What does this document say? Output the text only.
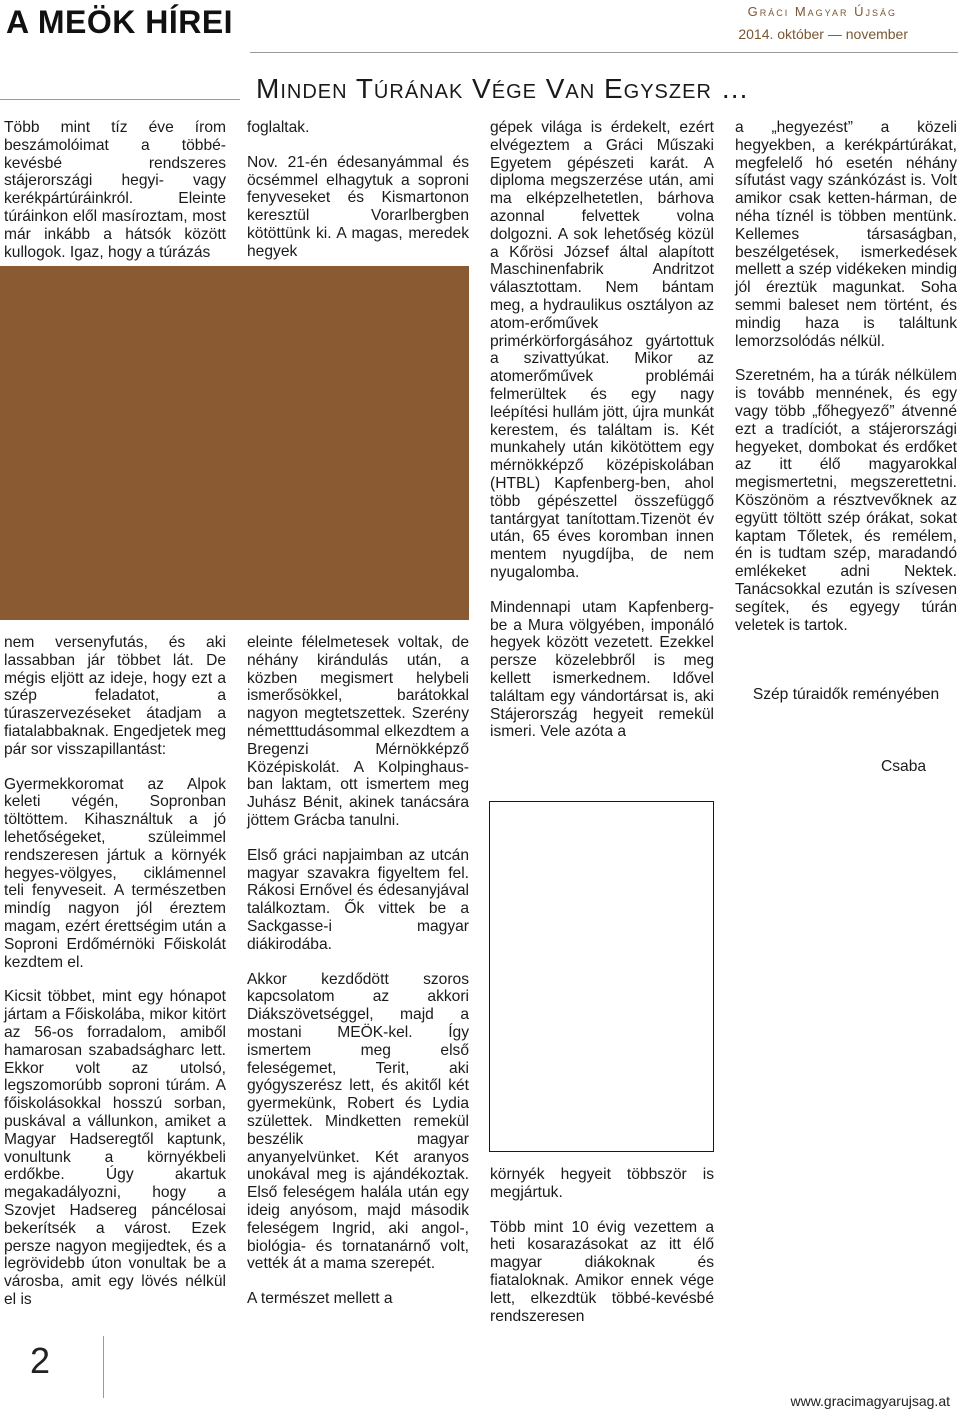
A MEÖK HÍREI	Gráci Magyar Újság
2014. október — november
Minden Túrának Vége Van Egyszer …

Több mint tíz éve írom beszámolóimat a többé-kevésbé rendszeres stájerországi hegyi- vagy kerékpártúráinkról. Eleinte túráinkon elől masíroztam, most már inkább a hátsók között kullogok. Igaz, hogy a túrázás

nem versenyfutás, és aki lassabban jár többet lát. De mégis eljött az ideje, hogy ezt a szép feladatot, a túraszervezéseket átadjam a fiatalabbaknak. Engedjetek meg pár sor visszapillantást:

Gyermekkoromat az Alpok keleti végén, Sopronban töltöttem. Kihasználtuk a jó lehetőségeket, szüleimmel rendszeresen jártuk a környék hegyes-völgyes, ciklámennel teli fenyveseit. A természetben mindíg nagyon jól éreztem magam, ezért érettségim után a Soproni Erdőmérnöki Főiskolát kezdtem el.

Kicsit többet, mint egy hónapot jártam a Főiskolába, mikor kitört az 56-os forradalom, amiből hamarosan szabadságharc lett. Ekkor volt az utolsó, legszomorúbb soproni túrám. A főiskolásokkal hosszú sorban, puskával a vállunkon, amiket a Magyar Hadseregtől kaptunk, vonultunk a környékbeli erdőkbe. Úgy akartuk megakadályozni, hogy a Szovjet Hadsereg páncélosai bekerítsék a várost. Ezek persze nagyon megijedtek, és a legrövidebb úton vonultak be a városba, amit egy lövés nélkül el is

foglaltak.

Nov. 21-én édesanyámmal és öcsémmel elhagytuk a soproni fenyveseket és Kismartonon keresztül Vorarlbergben kötöttünk ki. A magas, meredek hegyek

eleinte félelmetesek voltak, de néhány kirándulás után, a közben megismert helybeli ismerősökkel, barátokkal nagyon megtetszettek. Szerény németttudásommal elkezdtem a Bregenzi Mérnökképző Középiskolát. A Kolpinghaus-ban laktam, ott ismertem meg Juhász Bénit, akinek tanácsára jöttem Grácba tanulni.

Első gráci napjaimban az utcán magyar szavakra figyeltem fel. Rákosi Ernővel és édesanyjával találkoztam. Ők vittek be a Sackgasse-i magyar diákirodába.

Akkor kezdődött szoros kapcsolatom az akkori Diákszövetséggel, majd a mostani MEÖK-kel. Így ismertem meg első feleségemet, Terit, aki gyógyszerész lett, és akitől két gyermekünk, Robert és Lydia születtek. Mindketten remekül beszélik magyar anyanyelvünket. Két aranyos unokával meg is ajándékoztak. Első feleségem halála után egy ideig anyósom, majd második feleségem Ingrid, aki angol-, biológia- és tornatanárnő volt, vették át a mama szerepét.

A természet mellett a

gépek világa is érdekelt, ezért elvégeztem a Gráci Műszaki Egyetem gépészeti karát. A diploma megszerzése után, ami ma elképzelhetetlen, bárhova azonnal felvettek volna dolgozni. A sok lehetőség közül a Kőrösi József által alapított Maschinenfabrik Andritzot választottam. Nem bántam meg, a hydraulikus osztályon az atom-erőművek primérkörforgásához gyártottuk a szivattyúkat. Mikor az atomerőművek problémái felmerültek és egy nagy leépítési hullám jött, újra munkát kerestem, és találtam is. Két munkahely után kikötöttem egy mérnökképző középiskolában (HTBL) Kapfenberg-ben, ahol több gépészettel összefüggő tantárgyat tanítottam.Tizenöt év után, 65 éves koromban innen mentem nyugdíjba, de nem nyugalomba.

Mindennapi utam Kapfenberg-be a Mura völgyében, imponáló hegyek között vezetett. Ezekkel persze közelebbről is meg kellett ismerkednem. Idővel találtam egy vándortársat is, aki Stájerország hegyeit remekül ismeri. Vele azóta a

környék hegyeit többször is megjártuk.

Több mint 10 évig vezettem a heti kosarazásokat az itt élő magyar diákoknak és fiataloknak. Amikor ennek vége lett, elkezdtük többé-kevésbé rendszeresen

a „hegyezést” a közeli hegyekben, a kerékpártúrákat, megfelelő hó esetén néhány sífutást vagy szánkózást is. Volt amikor csak ketten-hárman, de néha tíznél is többen mentünk. Kellemes társaságban, beszélgetések, ismerkedések mellett a szép vidékeken mindig jól éreztük magunkat. Soha semmi baleset nem történt, és mindig haza is találtunk lemorzsolódás nélkül.

Szeretném, ha a túrák nélkülem is tovább mennének, és egy vagy több „főhegyező” átvenné ezt a tradíciót, a stájerországi hegyeket, dombokat és erdőket az itt élő magyarokkal megismertetni, megszerettetni. Köszönöm a résztvevőknek az együtt töltött szép órákat, sokat kaptam Tőletek, és remélem, én is tudtam szép, maradandó emlékeket adni Nektek. Tanácsokkal ezután is szívesen segítek, és egyegy túrán veletek is tartok.

Szép túraidők reményében
Csaba
2
www.gracimagyarujsag.at
